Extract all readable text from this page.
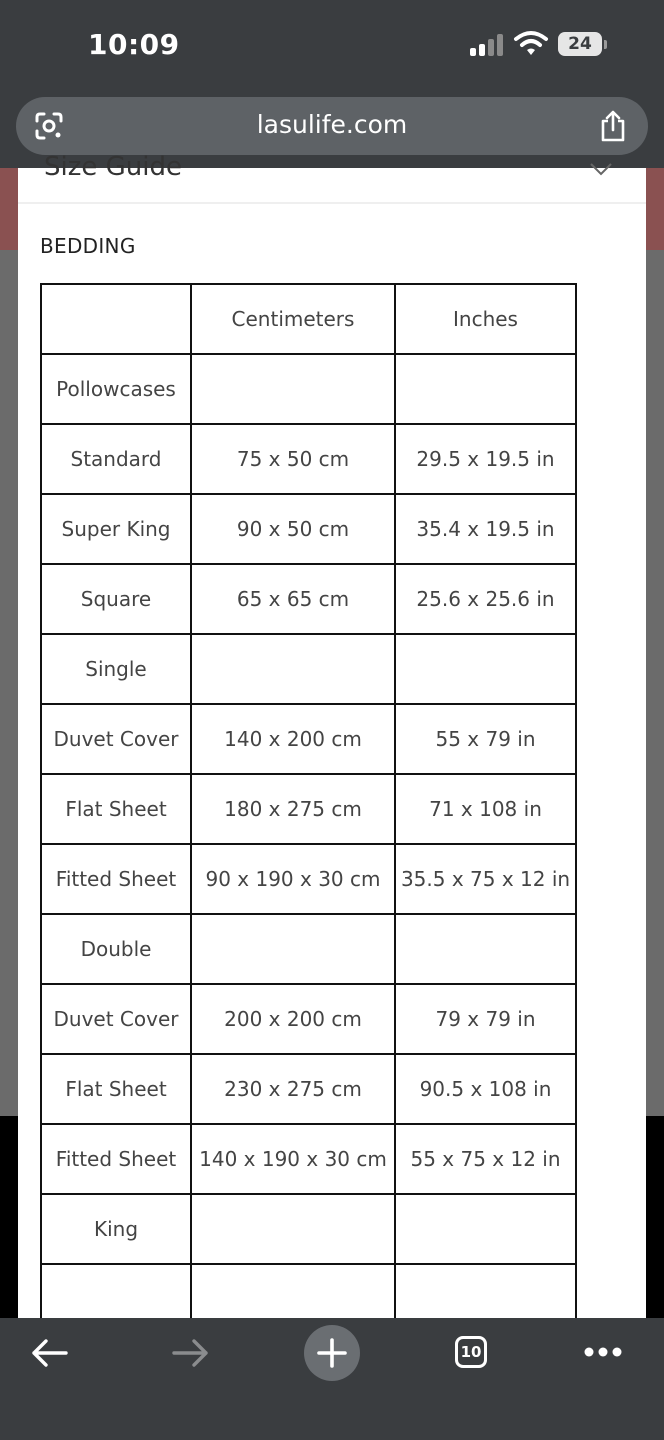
10:09	24
lasulife.com
Size Guide
BEDDING
	Centimeters	Inches
Pollowcases		
Standard	75 x 50 cm	29.5 x 19.5 in
Super King	90 x 50 cm	35.4 x 19.5 in
Square	65 x 65 cm	25.6 x 25.6 in
Single		
Duvet Cover	140 x 200 cm	55 x 79 in
Flat Sheet	180 x 275 cm	71 x 108 in
Fitted Sheet	90 x 190 x 30 cm	35.5 x 75 x 12 in
Double		
Duvet Cover	200 x 200 cm	79 x 79 in
Flat Sheet	230 x 275 cm	90.5 x 108 in
Fitted Sheet	140 x 190 x 30 cm	55 x 75 x 12 in
King		

10
